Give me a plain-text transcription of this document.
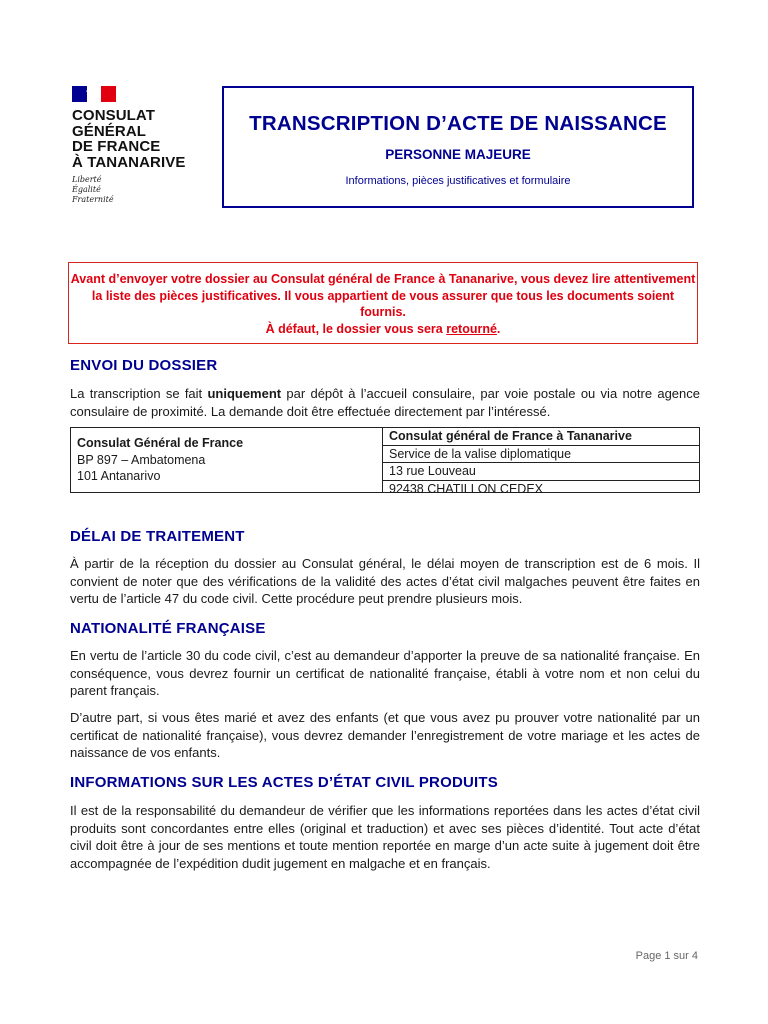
CONSULAT
GÉNÉRAL
DE FRANCE
À TANANARIVE
Liberté
Égalité
Fraternité
TRANSCRIPTION D’ACTE DE NAISSANCE
PERSONNE MAJEURE
Informations, pièces justificatives et formulaire
Avant d’envoyer votre dossier au Consulat général de France à Tananarive, vous devez lire attentivement la liste des pièces justificatives. Il vous appartient de vous assurer que tous les documents soient fournis.
À défaut, le dossier vous sera retourné.
ENVOI DU DOSSIER

La transcription se fait uniquement par dépôt à l’accueil consulaire, par voie postale ou via notre agence consulaire de proximité. La demande doit être effectuée directement par l’intéressé.

Consulat Général de France
BP 897 – Ambatomena
101 Antanarivo
Consulat général de France à Tananarive
Service de la valise diplomatique
13 rue Louveau
92438 CHATILLON CEDEX
DÉLAI DE TRAITEMENT

À partir de la réception du dossier au Consulat général, le délai moyen de transcription est de 6 mois. Il convient de noter que des vérifications de la validité des actes d’état civil malgaches peuvent être faites en vertu de l’article 47 du code civil. Cette procédure peut prendre plusieurs mois.

NATIONALITÉ FRANÇAISE

En vertu de l’article 30 du code civil, c’est au demandeur d’apporter la preuve de sa nationalité française. En conséquence, vous devrez fournir un certificat de nationalité française, établi à votre nom et non celui du parent français.

D’autre part, si vous êtes marié et avez des enfants (et que vous avez pu prouver votre nationalité par un certificat de nationalité française), vous devrez demander l’enregistrement de votre mariage et les actes de naissance de vos enfants.

INFORMATIONS SUR LES ACTES D’ÉTAT CIVIL PRODUITS

Il est de la responsabilité du demandeur de vérifier que les informations reportées dans les actes d’état civil produits sont concordantes entre elles (original et traduction) et avec ses pièces d’identité. Tout acte d’état civil doit être à jour de ses mentions et toute mention reportée en marge d’un acte suite à jugement doit être accompagnée de l’expédition dudit jugement en malgache et en français.

Page 1 sur 4
